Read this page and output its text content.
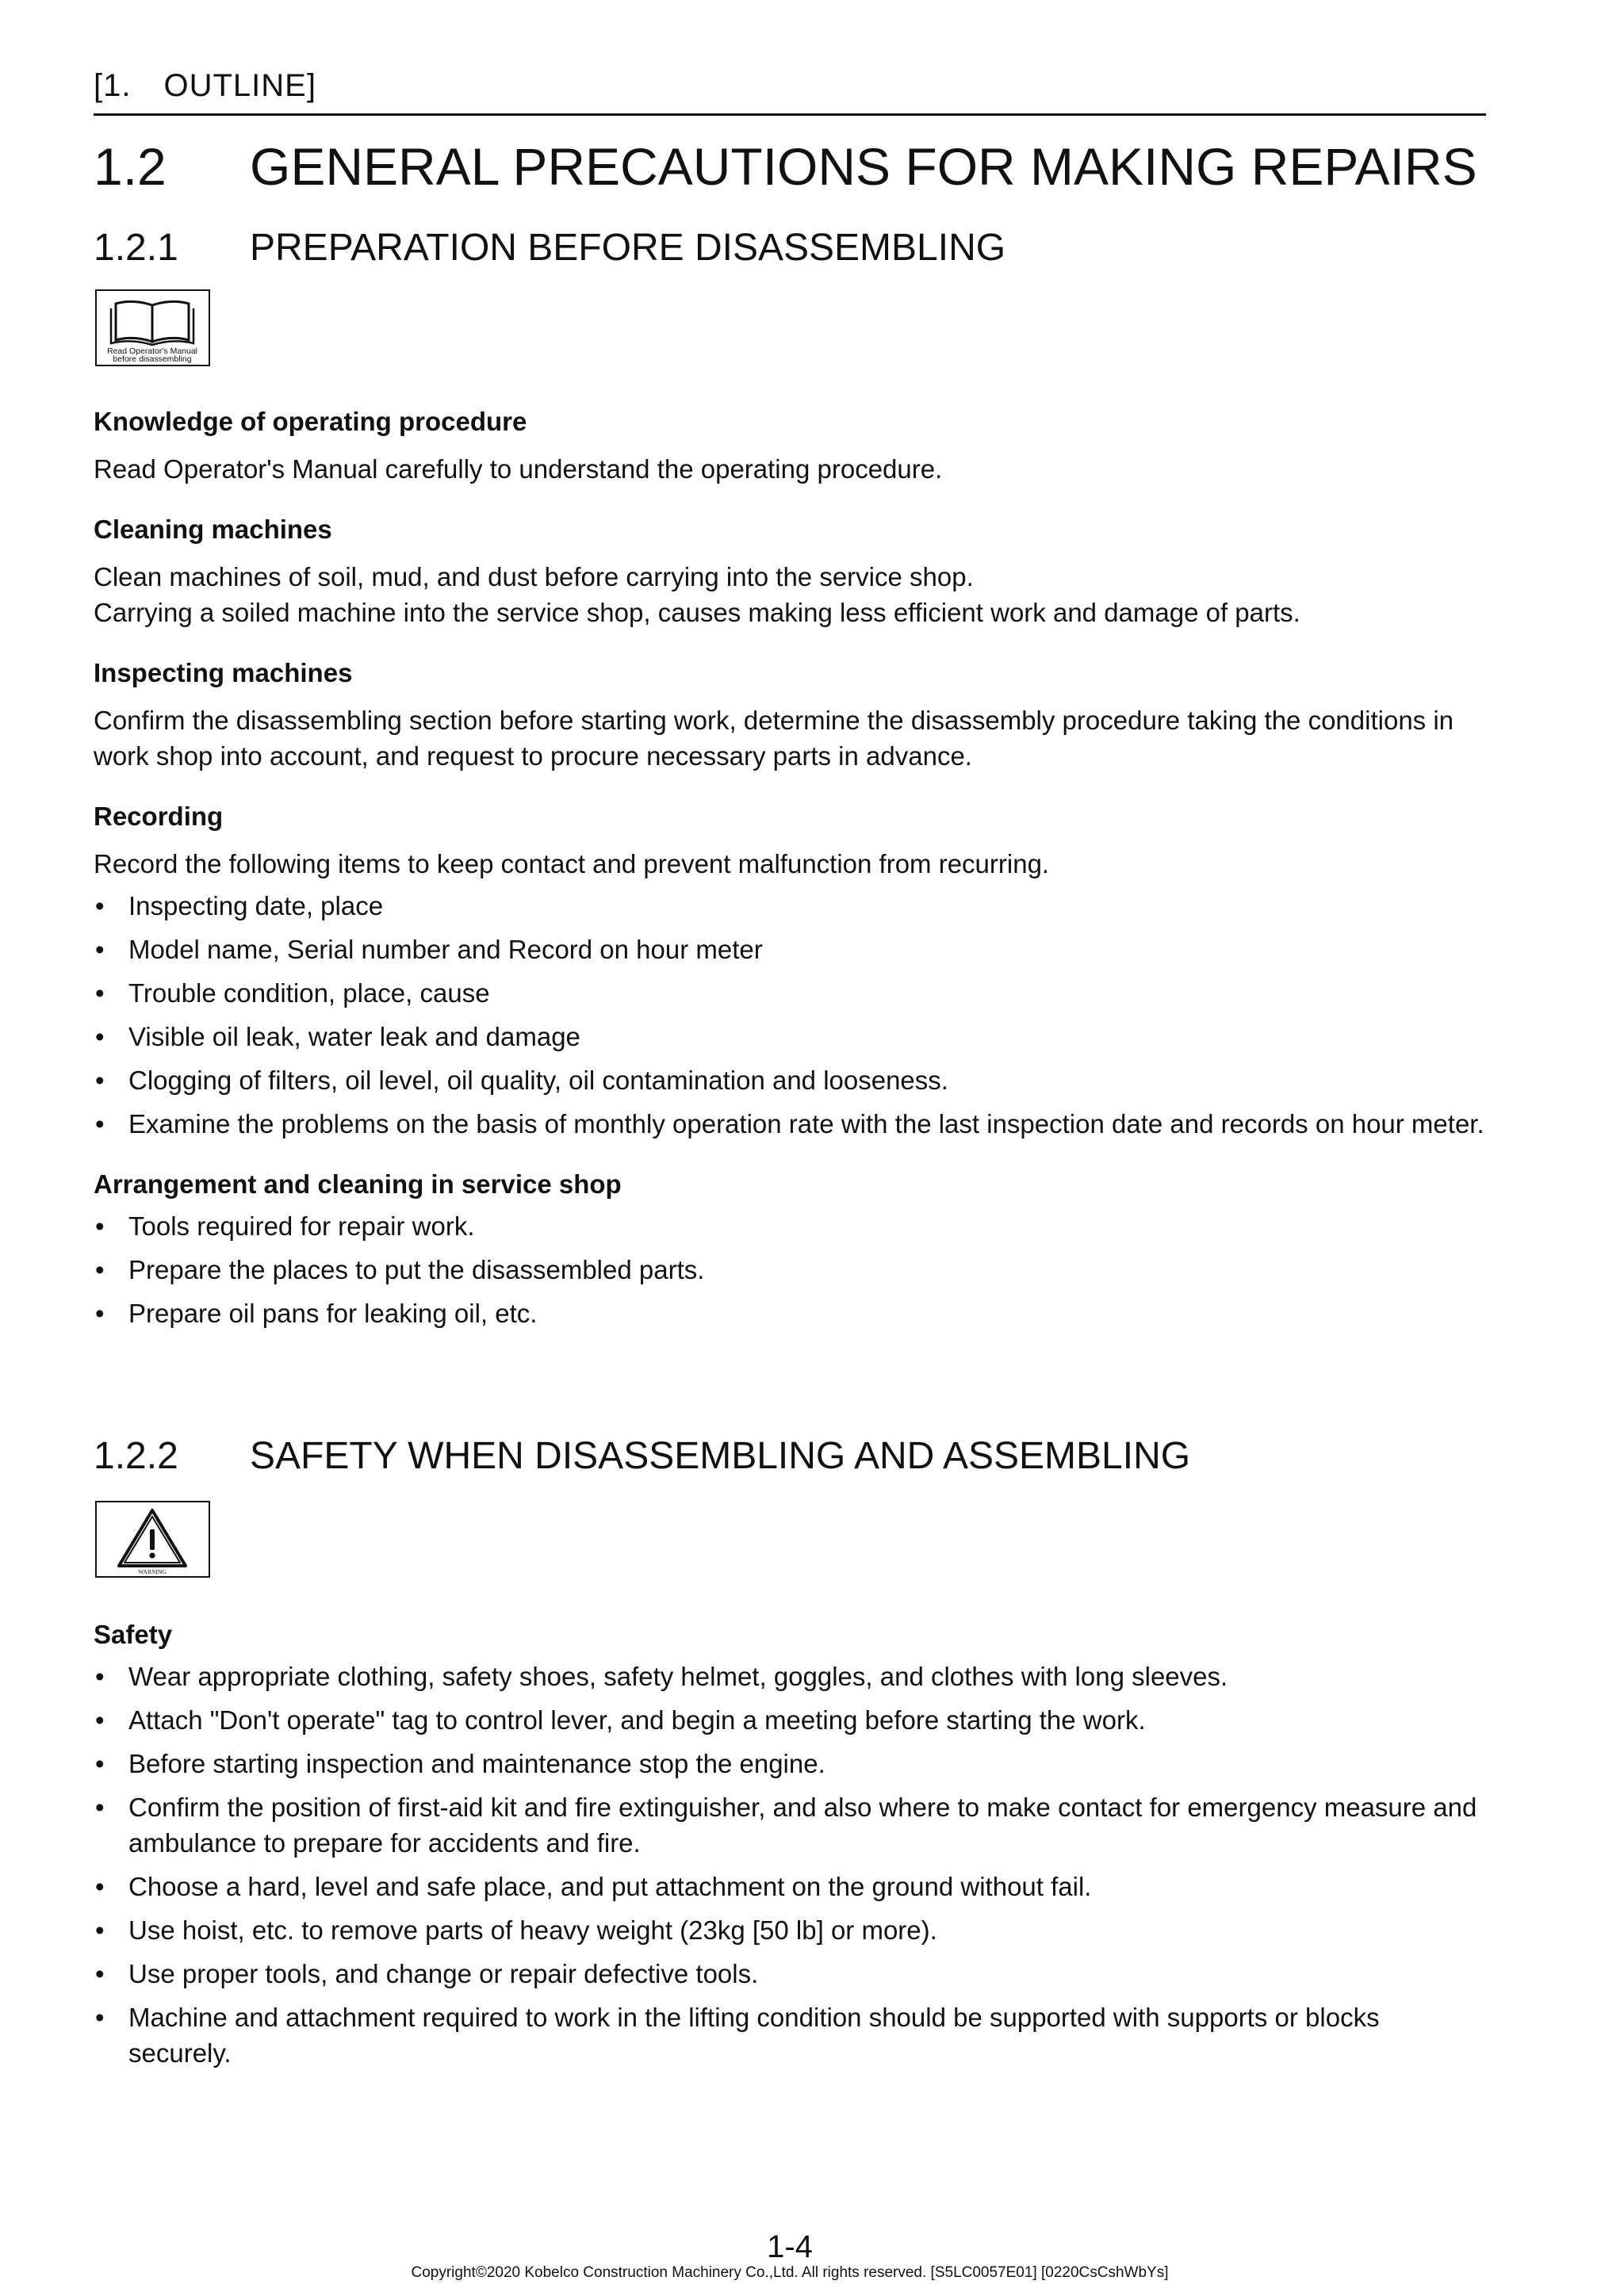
[1. OUTLINE]
1.2 GENERAL PRECAUTIONS FOR MAKING REPAIRS
1.2.1 PREPARATION BEFORE DISASSEMBLING
Read Operator's Manual
before disassembling

Knowledge of operating procedure

Read Operator's Manual carefully to understand the operating procedure.

Cleaning machines

Clean machines of soil, mud, and dust before carrying into the service shop.
Carrying a soiled machine into the service shop, causes making less efficient work and damage of parts.

Inspecting machines

Confirm the disassembling section before starting work, determine the disassembly procedure taking the conditions in work shop into account, and request to procure necessary parts in advance.

Recording

Record the following items to keep contact and prevent malfunction from recurring.

• Inspecting date, place
• Model name, Serial number and Record on hour meter
• Trouble condition, place, cause
• Visible oil leak, water leak and damage
• Clogging of filters, oil level, oil quality, oil contamination and looseness.
• Examine the problems on the basis of monthly operation rate with the last inspection date and records on hour meter.

Arrangement and cleaning in service shop

• Tools required for repair work.
• Prepare the places to put the disassembled parts.
• Prepare oil pans for leaking oil, etc.
1.2.2 SAFETY WHEN DISASSEMBLING AND ASSEMBLING
WARNING

Safety

• Wear appropriate clothing, safety shoes, safety helmet, goggles, and clothes with long sleeves.
• Attach "Don't operate" tag to control lever, and begin a meeting before starting the work.
• Before starting inspection and maintenance stop the engine.
• Confirm the position of first-aid kit and fire extinguisher, and also where to make contact for emergency measure and ambulance to prepare for accidents and fire.
• Choose a hard, level and safe place, and put attachment on the ground without fail.
• Use hoist, etc. to remove parts of heavy weight (23kg [50 lb] or more).
• Use proper tools, and change or repair defective tools.
• Machine and attachment required to work in the lifting condition should be supported with supports or blocks securely.
1-4
Copyright©2020 Kobelco Construction Machinery Co.,Ltd. All rights reserved. [S5LC0057E01] [0220CsCshWbYs]
